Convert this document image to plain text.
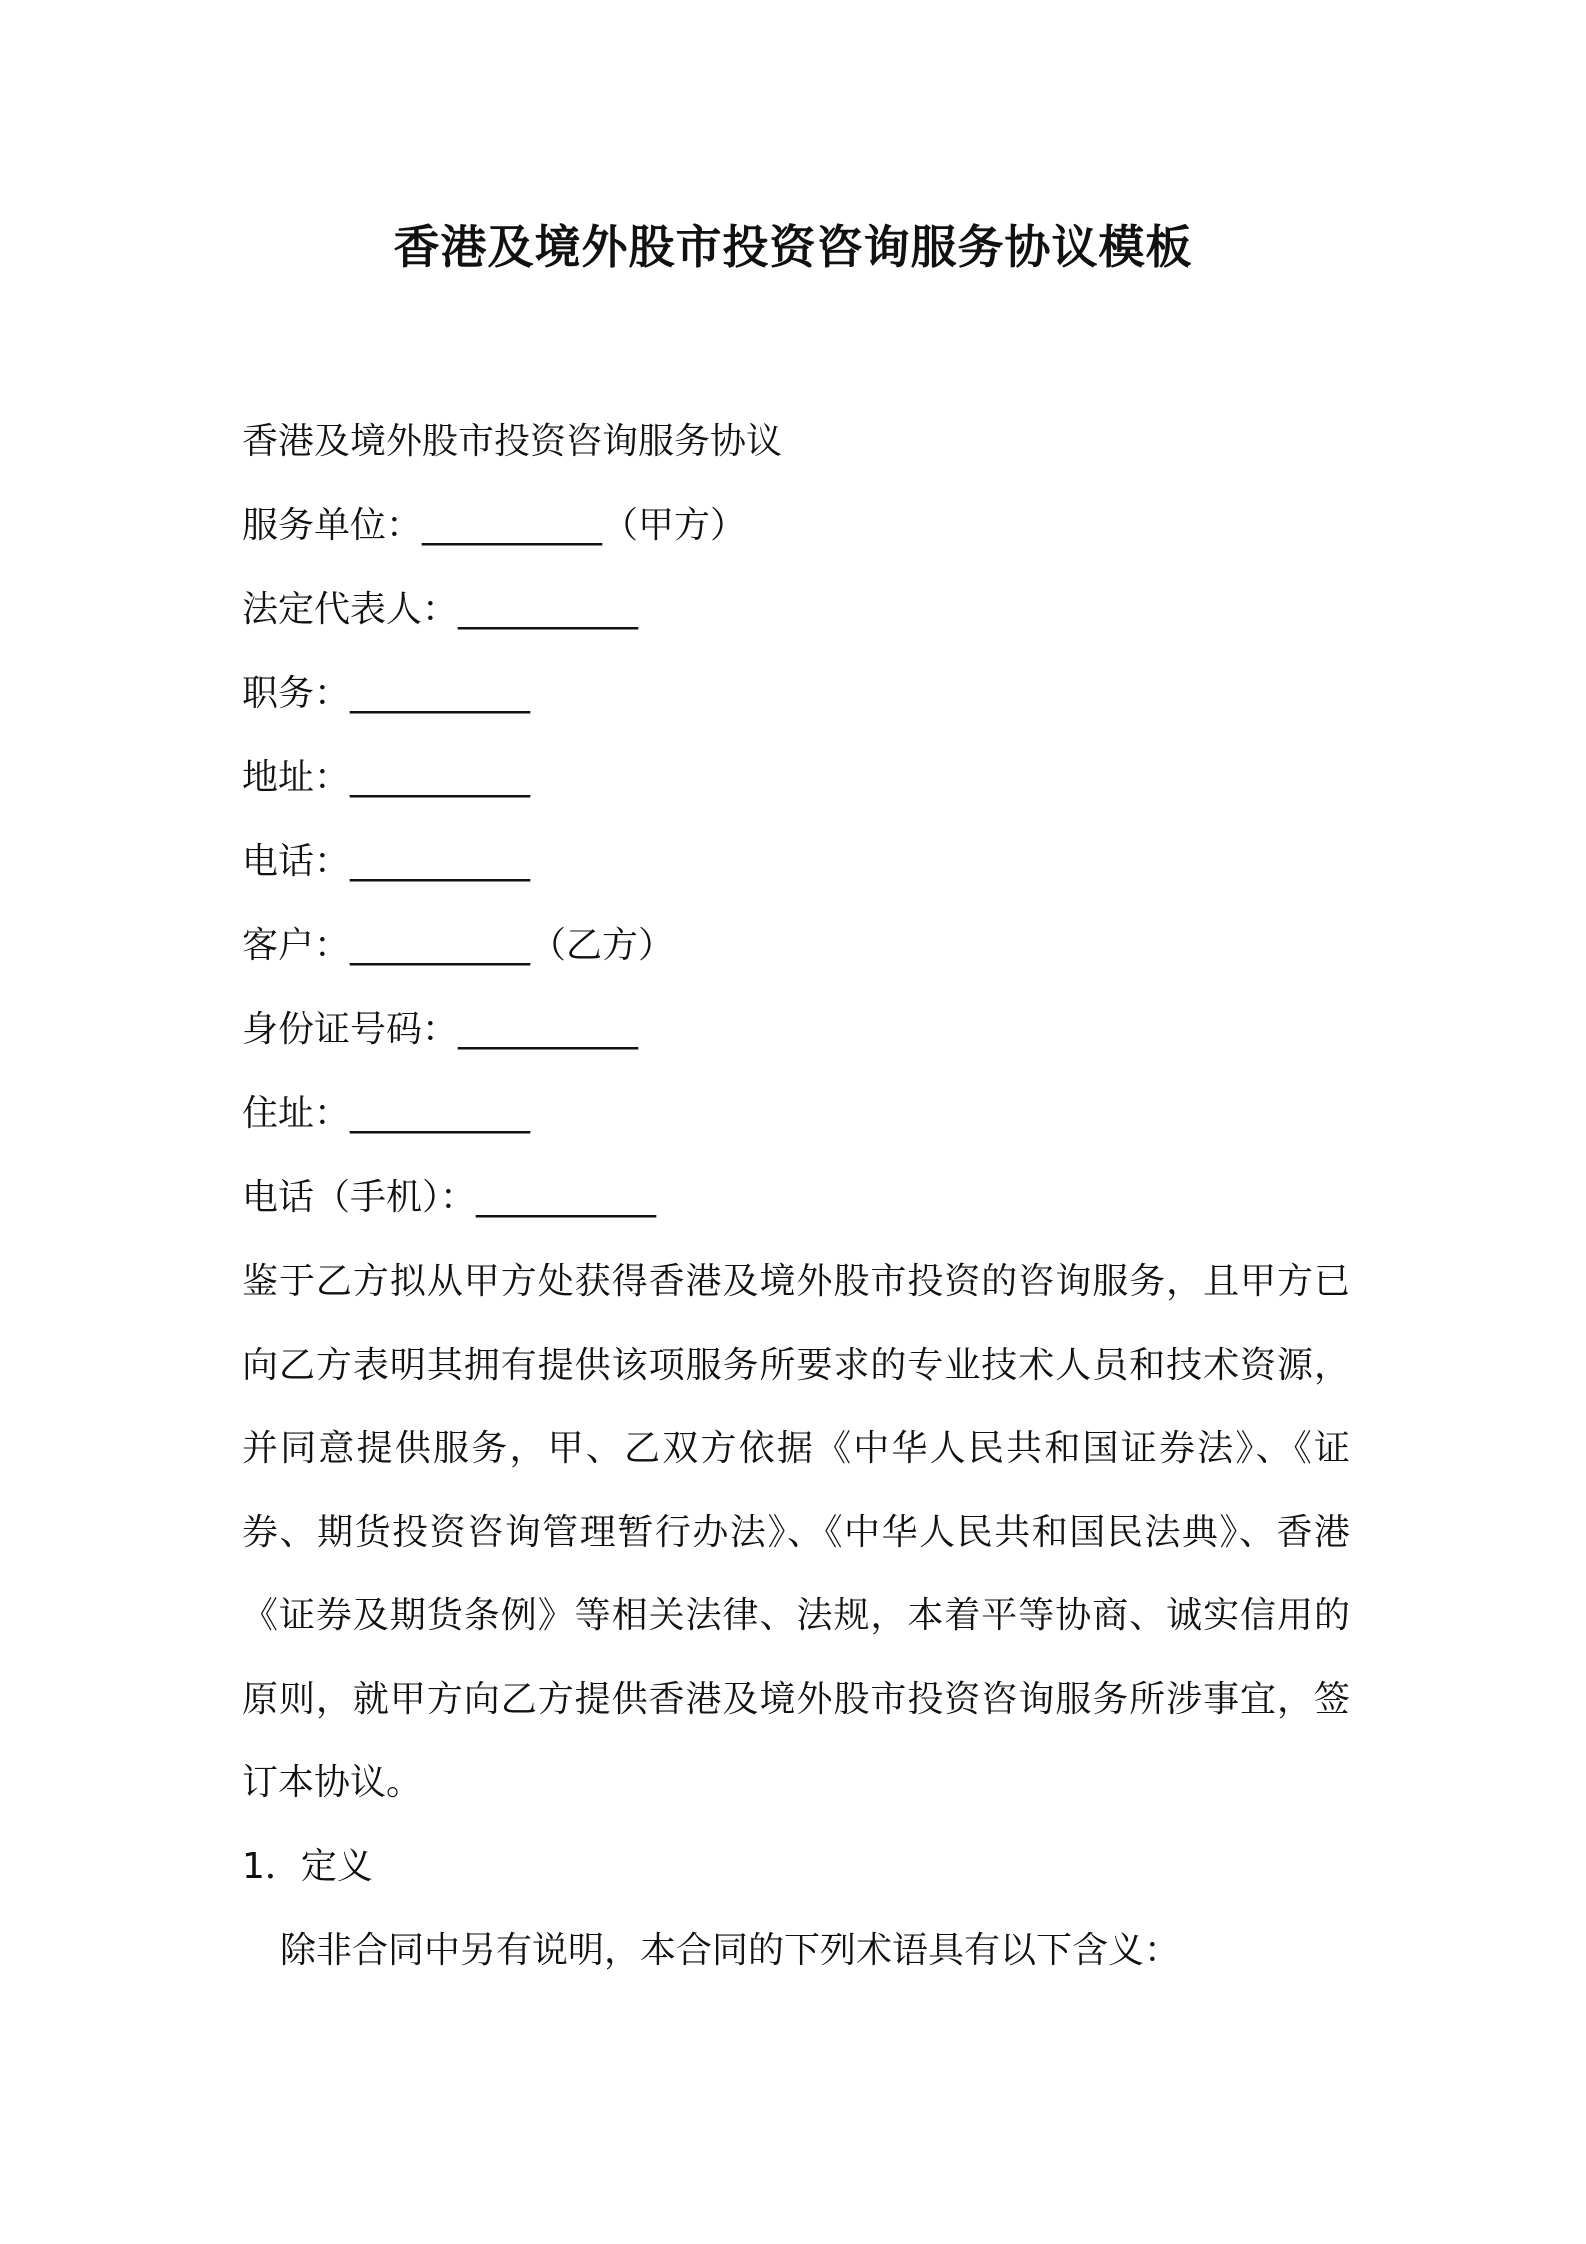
香港及境外股市投资咨询服务协议模板
香港及境外股市投资咨询服务协议
服务单位：__________（甲方）
法定代表人：__________
职务：__________
地址：__________
电话：__________
客户：__________（乙方）
身份证号码：__________
住址：__________
电话（手机）：__________
鉴于乙方拟从甲方处获得香港及境外股市投资的咨询服务，且甲方已向乙方表明其拥有提供该项服务所要求的专业技术人员和技术资源，并同意提供服务，甲、乙双方依据《中华人民共和国证券法》、《证券、期货投资咨询管理暂行办法》、《中华人民共和国民法典》、香港《证券及期货条例》等相关法律、法规，本着平等协商、诚实信用的原则，就甲方向乙方提供香港及境外股市投资咨询服务所涉事宜，签订本协议。
1．定义
除非合同中另有说明，本合同的下列术语具有以下含义：
